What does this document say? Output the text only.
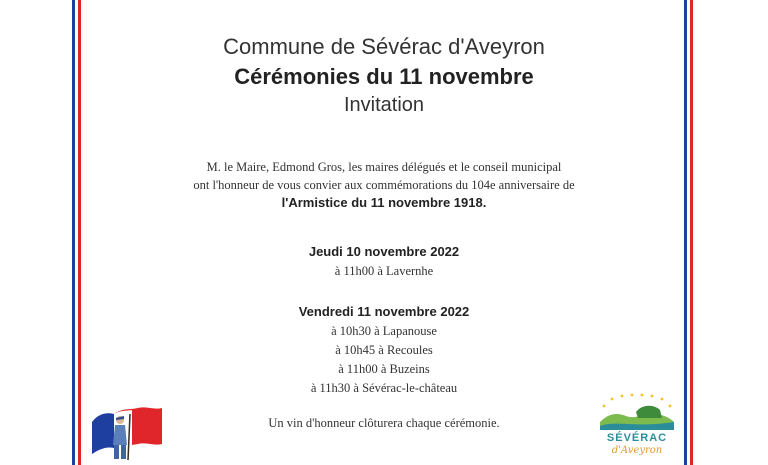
Commune de Sévérac d'Aveyron
Cérémonies du 11 novembre
Invitation
M. le Maire, Edmond Gros, les maires délégués et le conseil municipal
ont l'honneur de vous convier aux commémorations du 104e anniversaire de
l'Armistice du 11 novembre 1918.
Jeudi 10 novembre 2022
à 11h00 à Lavernhe
Vendredi 11 novembre 2022
à 10h30 à Lapanouse
à 10h45 à Recoules
à 11h00 à Buzeins
à 11h30 à Sévérac-le-château
Un vin d'honneur clôturera chaque cérémonie.
SÉVÉRAC
d'Aveyron
